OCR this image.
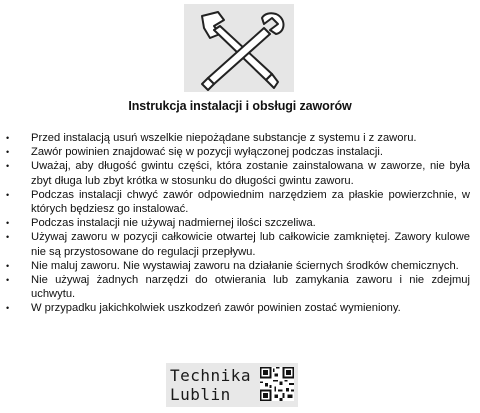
Instrukcja instalacji i obsługi zaworów
• Przed instalacją usuń wszelkie niepożądane substancje z systemu i z zaworu.
• Zawór powinien znajdować się w pozycji wyłączonej podczas instalacji.
• Uważaj, aby długość gwintu części, która zostanie zainstalowana w zaworze, nie była zbyt długa lub zbyt krótka w stosunku do długości gwintu zaworu.
• Podczas instalacji chwyć zawór odpowiednim narzędziem za płaskie powierzchnie, w których będziesz go instalować.
• Podczas instalacji nie używaj nadmiernej ilości szczeliwa.
• Używaj zaworu w pozycji całkowicie otwartej lub całkowicie zamkniętej. Zawory kulowe nie są przystosowane do regulacji przepływu.
• Nie maluj zaworu. Nie wystawiaj zaworu na działanie ściernych środków chemicznych.
• Nie używaj żadnych narzędzi do otwierania lub zamykania zaworu i nie zdejmuj uchwytu.
• W przypadku jakichkolwiek uszkodzeń zawór powinien zostać wymieniony.
Technika
Lublin
